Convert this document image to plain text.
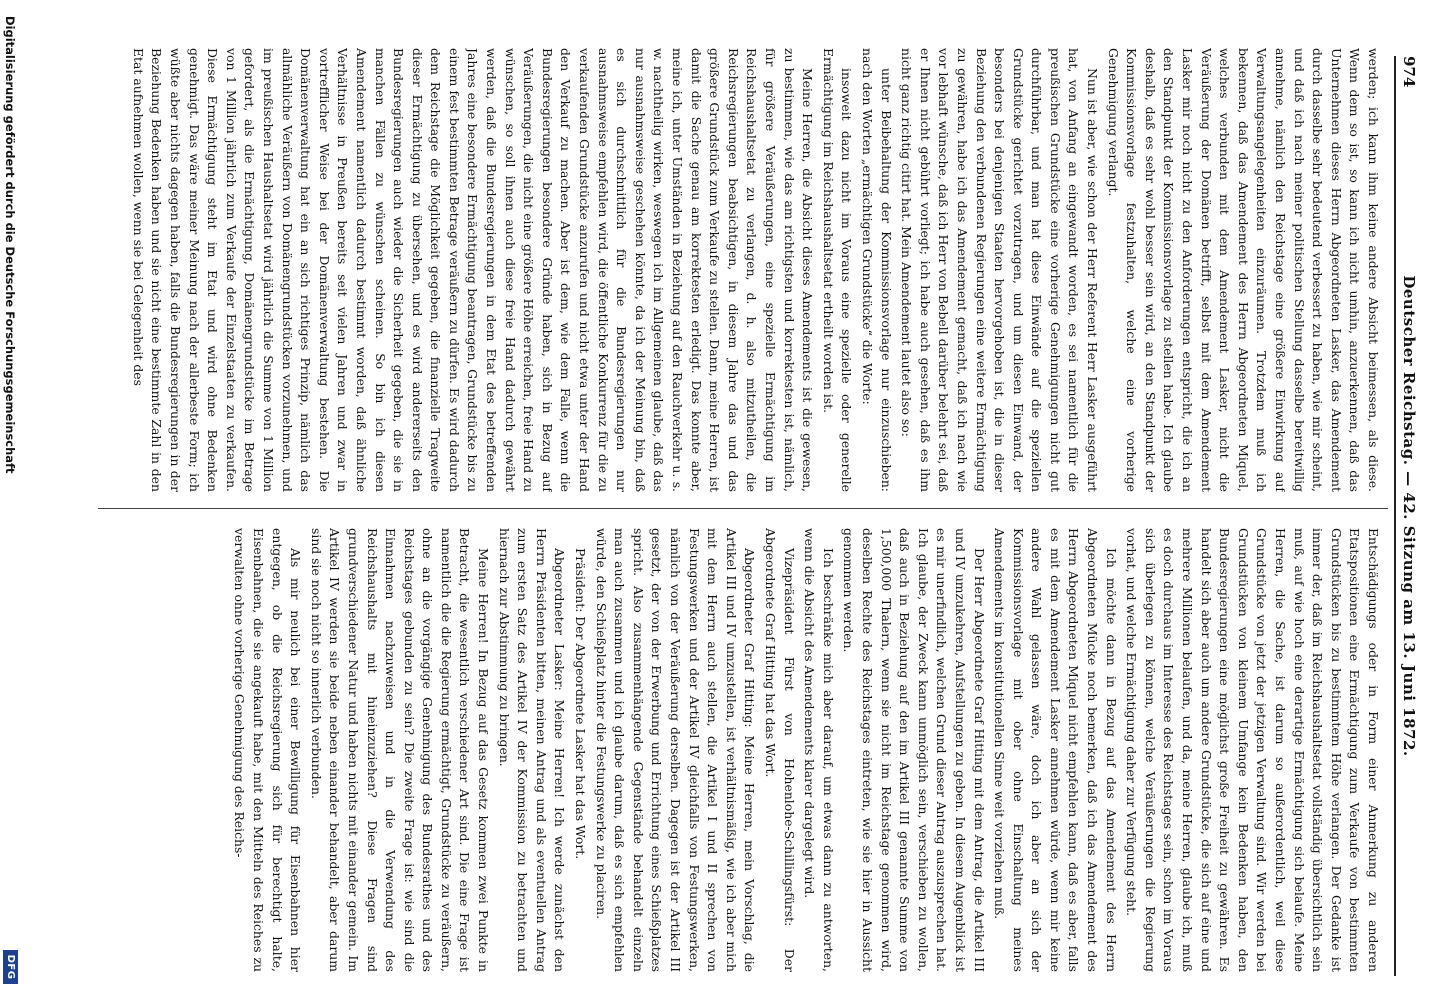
974
Deutscher Reichstag. — 42. Sitzung am 13. Juni 1872.

werden; ich kann ihm keine andere Absicht beimessen, als diese. Wenn dem so ist, so kann ich nicht umhin, anzuerkennen, daß das Unternehmen dieses Herrn Abgeordneten Lasker, das Amendement durch dasselbe sehr bedeutend verbessert zu haben, wie mir scheint, und daß ich nach meiner politischen Stellung dasselbe bereitwillig annehme, nämlich den Reichstage eine größere Einwirkung auf Verwaltungsangelegenheiten einzuräumen. Trotzdem muß ich bekennen, daß das Amendement des Herrn Abgeordneten Miquel, welches verbunden mit dem Amendement Lasker, nicht die Veräußerung der Domänen betrifft, selbst mit dem Amendement Lasker mir noch nicht zu den Anforderungen entspricht, die ich an den Standpunkt der Kommissionsvorlage zu stellen habe. Ich glaube deshalb, daß es sehr wohl besser sein wird, an den Standpunkt der Kommissionsvorlage festzuhalten, welche eine vorherige Genehmigung verlangt.

Nun ist aber, wie schon der Herr Referent Herr Lasker ausgeführt hat, von Anfang an eingewandt worden, es sei namentlich für die preußischen Grundstücke eine vorherige Genehmigungen nicht gut durchführbar, und man hat diese Einwände auf die speziellen Grundstücke gerichtet vorzutragen, und um diesen Einwand, der besonders bei denjenigen Staaten hervorgehoben ist, die in dieser Beziehung den verbundenen Regierungen eine weitere Ermächtigung zu gewähren, habe ich das Amendement gemacht, daß ich nach wie vor lebhaft wünsche, daß ich Herr von Bebell darüber belehrt sei, daß er Ihnen nicht gebührt vorliegt; ich habe auch gesehen, daß es ihm nicht ganz richtig citirt hat. Mein Amendement lautet also so:

unter Beibehaltung der Kommissionsvorlage nur einzuschieben: nach den Worten „ermächtigen Grundstücke“ die Worte:

insoweit dazu nicht im Voraus eine spezielle oder generelle Ermächtigung im Reichshaushaltsetat ertheilt worden ist.

Meine Herren, die Absicht dieses Amendements ist die gewesen, zu bestimmen, wie das am richtigsten und korrektesten ist, nämlich, für größere Veräußerungen, eine spezielle Ermächtigung im Reichshaushaltsetat zu verlangen, d. h. also mitzutheilen, die Reichsregierungen beabsichtigen, in diesem Jahre das und das größere Grundstück zum Verkaufe zu stellen. Dann, meine Herren, ist damit die Sache genau am korrektesten erledigt. Das konnte aber, meine ich, unter Umständen in Beziehung auf den Rauchverkehr u. s. w. nachtheilig wirken, weswegen ich im Allgemeinen glaube, daß das nur ausnahmsweise geschehen könnte, da ich der Meinung bin, daß es sich durchschnittlich für die Bundesregierungen nur ausnahmsweise empfehlen wird, die öffentliche Konkurrenz für die zu verkaufenden Grundstücke anzurufen und nicht etwa unter der Hand den Verkauf zu machen. Aber ist dem, wie dem Falle, wenn die Bundesregierungen besondere Gründe haben, sich in Bezug auf Veräußerungen, die nicht eine größere Höhe erreichen, freie Hand zu wünschen, so soll ihnen auch diese freie Hand dadurch gewährt werden, daß die Bundesregierungen in dem Etat des betreffenden Jahres eine besondere Ermächtigung beantragen, Grundstücke bis zu einem fest bestimmten Betrage veräußern zu dürfen. Es wird dadurch dem Reichstage die Möglichkeit gegeben, die finanzielle Tragweite dieser Ermächtigung zu übersehen, und es wird andererseits den Bundesregierungen auch wieder die Sicherheit gegeben, die sie in manchen Fällen zu wünschen scheinen. So bin ich diesen Amendement namentlich dadurch bestimmt worden, daß ähnliche Verhältnisse in Preußen bereits seit vielen Jahren und zwar in vortrefflicher Weise bei der Domänenverwaltung bestehen. Die Domänenverwaltung hat ein an sich richtiges Prinzip, nämlich das allmähliche Veräußern von Domänengrundstücken vorzunehmen, und im preußischen Haushaltsetat wird jährlich die Summe von 1 Million gefordert, als die Ermächtigung, Domänengrundstücke im Betrage von 1 Million jährlich zum Verkaufe der Einzelstaaten zu verkaufen. Diese Ermächtigung steht im Etat und wird ohne Bedenken genehmigt. Das wäre meiner Meinung nach der allerbeste Form; ich wüßte aber nichts dagegen haben, falls die Bundesregierungen in der Beziehung Bedenken haben und sie nicht eine bestimmte Zahl in den Etat aufnehmen wollen, wenn sie bei Gelegenheit des

Entschädigungs oder in Form einer Anmerkung zu anderen Etatspositionen eine Ermächtigung zum Verkaufe von bestimmten Grundstücken bis zu bestimmtem Höhe verlangen. Der Gedanke ist immer der, daß im Reichshaushaltsetat vollständig übersichtlich sein muß, auf wie hoch eine derartige Ermächtigung sich belaufe. Meine Herren, die Sache, ist darum so außerordentlich, weil diese Grundstücke von jetzt der jetzigen Verwaltung sind. Wir werden bei Grundstücken von kleinem Umfange kein Bedenken haben, den Bundesregierungen eine möglichst große Freiheit zu gewähren. Es handelt sich aber auch um andere Grundstücke, die sich auf eine und mehrere Millionen belaufen, und da, meine Herren, glaube ich, muß es doch durchaus im Interesse des Reichstages sein, schon im Voraus sich überlegen zu können, welche Veräußerungen die Regierung vorhat, und welche Ermächtigung daher zur Verfügung steht.

Ich möchte dann in Bezug auf das Amendement des Herrn Abgeordneten Mücke noch bemerken, daß ich das Amendement des Herrn Abgeordneten Miquel nicht empfehlen kann, daß es aber, falls es mit dem Amendement Lasker annehmen würde, wenn mir keine andere Wahl gelassen wäre, doch ich aber an sich der Kommissionsvorlage mit ober ohne Einschaltung meines Amendements im konstitutionellen Sinne weit vorziehen muß.

Der Herr Abgeordnete Graf Hitting mit dem Antrag, die Artikel III und IV umzukehren, Aufstellungen zu geben. In diesem Augenblick ist es mir unerfindlich, welchen Grund dieser Antrag auszusprechen hat. Ich glaube, der Zweck kann unmöglich sein, verschieben zu wollen, daß auch in Beziehung auf den im Artikel III genannte Summe von 1,500,000 Thalern, wenn sie nicht im Reichstage genommen wird, deselben Rechte des Reichstages eintreten, wie sie hier in Aussicht genommen werden.

Ich beschränke mich aber darauf, um etwas dann zu antworten, wenn die Absicht des Amendements klarer dargelegt wird.

Vizepräsident Fürst von Hohenlohe-Schillingsfürst: Der Abgeordnete Graf Hitting hat das Wort.

Abgeordneter Graf Hitting: Meine Herren, mein Vorschlag, die Artikel III und IV umzustellen, ist verhältnismäßig, wie ich aber mich mit dem Herrn auch stellen, die Artikel I und II sprechen von Festungswerken und der Artikel IV gleichfalls von Festungswerken, nämlich von der Veräußerung derselben. Dagegen ist der Artikel III gesetzt, der von der Erwerbung und Errichtung eines Schießplatzes spricht. Also zusammenhängende Gegenstände behandelt einzeln man auch zusammen und ich glaube darum, daß es sich empfehlen würde, den Schießplatz hinter die Festungswerke zu placiren.

Präsident: Der Abgeordnete Lasker hat das Wort.

Abgeordneter Lasker: Meine Herren! Ich werde zunächst den Herrn Präsidenten bitten, meinen Antrag und als eventuellen Antrag zum ersten Satz des Artikel IV der Kommission zu betrachten und hiernach zur Abstimmung zu bringen.

Meine Herren! In Bezug auf das Gesetz kommen zwei Punkte in Betracht, die wesentlich verschiedener Art sind. Die eine Frage ist namentlich die die Regierung ermächtigt, Grundstücke zu veräußern, ohne an die vorgängige Genehmigung des Bundesrathes und des Reichstages gebunden zu sein? Die zweite Frage ist: wie sind die Einnahmen nachzuweisen und in die Verwendung des Reichshaushalts mit hineinzuziehen? Diese Fragen sind grundverschiedener Natur und haben nichts mit einander gemein. Im Artikel IV werden sie beide neben einander behandelt, aber darum sind sie noch nicht so innerlich verbunden.

Als mir neulich bei einer Bewilligung für Eisenbahnen hier entgegen, ob die Reichsregierung sich für berechtigt halte, Eisenbahnen, die sie angekauft habe, mit den Mitteln des Reiches zu verwalten ohne vorherige Genehmigung des Reichs-

Digitalisierung gefördert durch die Deutsche Forschungsgemeinschaft
DFG
